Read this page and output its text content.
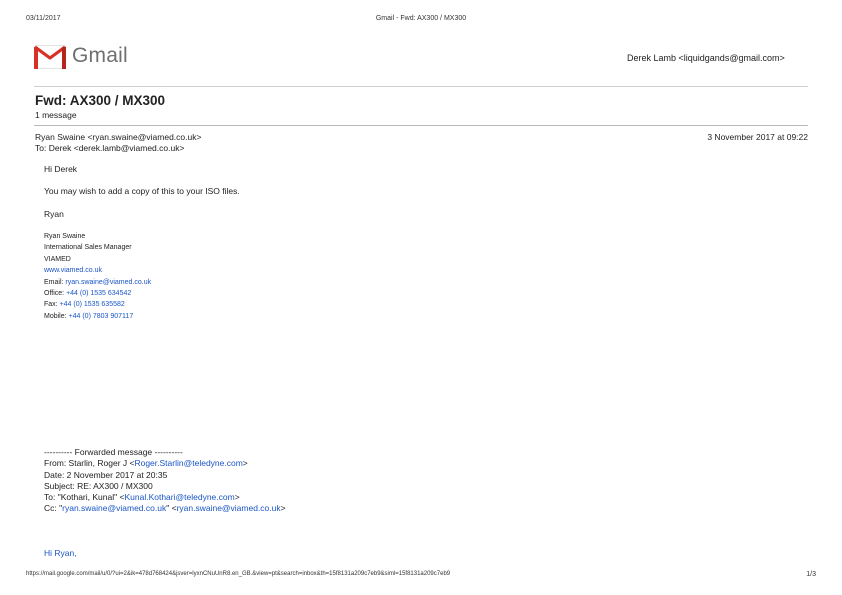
03/11/2017	Gmail - Fwd: AX300 / MX300
Gmail	Derek Lamb <liquidgands@gmail.com>
Fwd: AX300 / MX300
1 message
Ryan Swaine <ryan.swaine@viamed.co.uk>	3 November 2017 at 09:22
To: Derek <derek.lamb@viamed.co.uk>
Hi Derek
You may wish to add a copy of this to your ISO files.
Ryan
Ryan Swaine
International Sales Manager
VIAMED
www.viamed.co.uk
Email: ryan.swaine@viamed.co.uk
Office: +44 (0) 1535 634542
Fax: +44 (0) 1535 635582
Mobile: +44 (0) 7803 907117
---------- Forwarded message ----------
From: Starlin, Roger J <Roger.Starlin@teledyne.com>
Date: 2 November 2017 at 20:35
Subject: RE: AX300 / MX300
To: "Kothari, Kunal" <Kunal.Kothari@teledyne.com>
Cc: "ryan.swaine@viamed.co.uk" <ryan.swaine@viamed.co.uk>
Hi Ryan,
https://mail.google.com/mail/u/0/?ui=2&ik=478d768424&jsver=lyxnCNuUnR8.en_GB.&view=pt&search=inbox&th=15f8131a209c7eb9&siml=15f8131a209c7eb9	1/3
